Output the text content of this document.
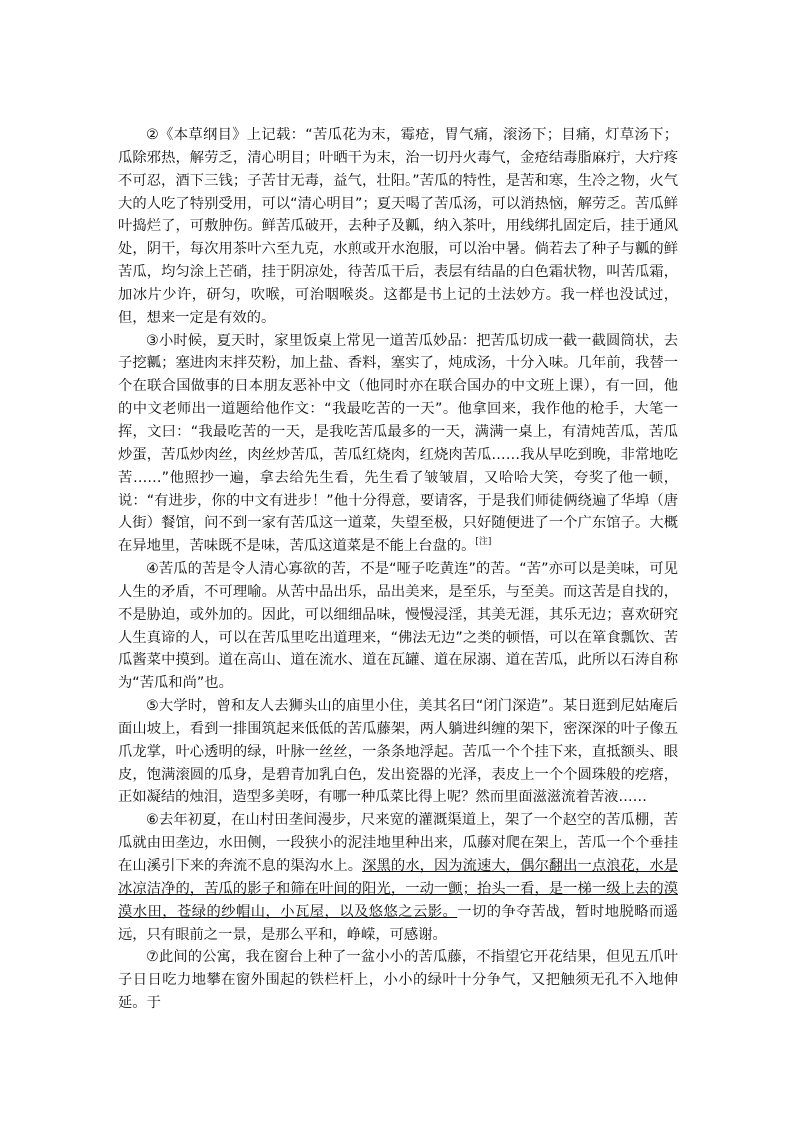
②《本草纲目》上记载：“苦瓜花为末，霉疮，胃气痛，滚汤下；目痛，灯草汤下；瓜除邪热，解劳乏，清心明目；叶晒干为末，治一切丹火毒气，金疮结毒脂麻疔，大疔疼不可忍，酒下三钱；子苦甘无毒，益气，壮阳。”苦瓜的特性，是苦和寒，生冷之物，火气大的人吃了特别受用，可以“清心明目”；夏天喝了苦瓜汤，可以消热恼，解劳乏。苦瓜鲜叶捣烂了，可敷肿伤。鲜苦瓜破开，去种子及瓤，纳入茶叶，用线绑扎固定后，挂于通风处，阴干，每次用茶叶六至九克，水煎或开水泡服，可以治中暑。倘若去了种子与瓤的鲜苦瓜，均匀涂上芒硝，挂于阴凉处，待苦瓜干后，表层有结晶的白色霜状物，叫苦瓜霜，加冰片少许，研匀，吹喉，可治咽喉炎。这都是书上记的土法妙方。我一样也没试过，但，想来一定是有效的。

③小时候，夏天时，家里饭桌上常见一道苦瓜妙品：把苦瓜切成一截一截圆筒状，去子挖瓤；塞进肉末拌芡粉，加上盐、香料，塞实了，炖成汤，十分入味。几年前，我替一个在联合国做事的日本朋友恶补中文（他同时亦在联合国办的中文班上课），有一回，他的中文老师出一道题给他作文：“我最吃苦的一天”。他拿回来，我作他的枪手，大笔一挥，文曰：“我最吃苦的一天，是我吃苦瓜最多的一天，满满一桌上，有清炖苦瓜，苦瓜炒蛋，苦瓜炒肉丝，肉丝炒苦瓜，苦瓜红烧肉，红烧肉苦瓜……我从早吃到晚，非常地吃苦……”他照抄一遍，拿去给先生看，先生看了皱皱眉，又哈哈大笑，夸奖了他一顿，说：“有进步，你的中文有进步！”他十分得意，要请客，于是我们师徒俩绕遍了华埠（唐人街）餐馆，问不到一家有苦瓜这一道菜，失望至极，只好随便进了一个广东馆子。大概在异地里，苦味既不是味，苦瓜这道菜是不能上台盘的。[注]

④苦瓜的苦是令人清心寡欲的苦，不是“哑子吃黄连”的苦。“苦”亦可以是美味，可见人生的矛盾，不可理喻。从苦中品出乐，品出美来，是至乐，与至美。而这苦是自找的，不是胁迫，或外加的。因此，可以细细品味，慢慢浸淫，其美无涯，其乐无边；喜欢研究人生真谛的人，可以在苦瓜里吃出道理来，“佛法无边”之类的顿悟，可以在箪食瓢饮、苦瓜酱菜中摸到。道在高山、道在流水、道在瓦罐、道在尿溺、道在苦瓜，此所以石涛自称为“苦瓜和尚”也。

⑤大学时，曾和友人去狮头山的庙里小住，美其名曰“闭门深造”。某日逛到尼姑庵后面山坡上，看到一排围筑起来低低的苦瓜藤架，两人躺进纠缠的架下，密深深的叶子像五爪龙掌，叶心透明的绿，叶脉一丝丝，一条条地浮起。苦瓜一个个挂下来，直抵额头、眼皮，饱满滚圆的瓜身，是碧青加乳白色，发出瓷器的光泽，表皮上一个个圆珠般的疙瘩，正如凝结的烛泪，造型多美呀，有哪一种瓜菜比得上呢？然而里面滋滋流着苦液……

⑥去年初夏，在山村田垄间漫步，尺来宽的灌溉渠道上，架了一个赵空的苦瓜棚，苦瓜就由田垄边，水田侧，一段狭小的泥洼地里种出来，瓜藤对爬在架上，苦瓜一个个垂挂在山溪引下来的奔流不息的渠沟水上。深黑的水，因为流速大，偶尔翻出一点浪花，水是冰凉洁净的，苦瓜的影子和筛在叶间的阳光，一动一颤；抬头一看，是一梯一级上去的漠漠水田，苍绿的纱帽山，小瓦屋，以及悠悠之云影。一切的争夺苦战，暂时地脱略而遥远，只有眼前之一景，是那么平和，峥嵘，可感谢。

⑦此间的公寓，我在窗台上种了一盆小小的苦瓜藤，不指望它开花结果，但见五爪叶子日日吃力地攀在窗外围起的铁栏杆上，小小的绿叶十分争气，又把触须无孔不入地伸延。于
